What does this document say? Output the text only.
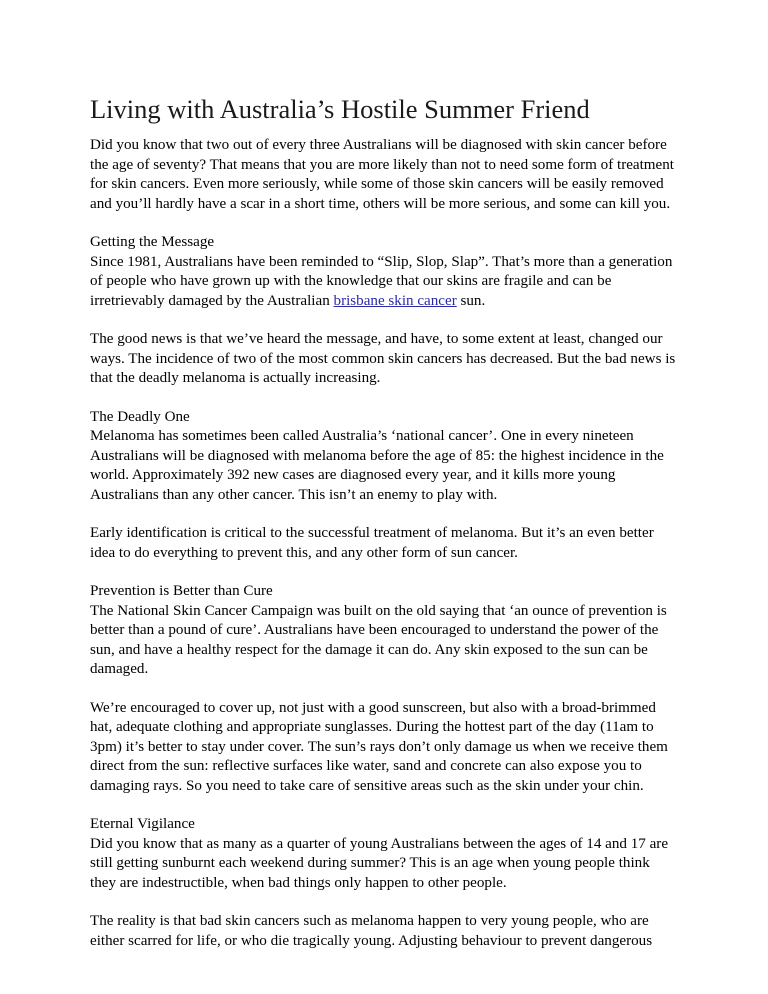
Living with Australia’s Hostile Summer Friend

Did you know that two out of every three Australians will be diagnosed with skin cancer before
the age of seventy? That means that you are more likely than not to need some form of treatment
for skin cancers. Even more seriously, while some of those skin cancers will be easily removed
and you’ll hardly have a scar in a short time, others will be more serious, and some can kill you.

Getting the Message
Since 1981, Australians have been reminded to “Slip, Slop, Slap”. That’s more than a generation
of people who have grown up with the knowledge that our skins are fragile and can be
irretrievably damaged by the Australian brisbane skin cancer sun.

The good news is that we’ve heard the message, and have, to some extent at least, changed our
ways. The incidence of two of the most common skin cancers has decreased. But the bad news is
that the deadly melanoma is actually increasing.

The Deadly One
Melanoma has sometimes been called Australia’s ‘national cancer’. One in every nineteen
Australians will be diagnosed with melanoma before the age of 85: the highest incidence in the
world. Approximately 392 new cases are diagnosed every year, and it kills more young
Australians than any other cancer. This isn’t an enemy to play with.

Early identification is critical to the successful treatment of melanoma. But it’s an even better
idea to do everything to prevent this, and any other form of sun cancer.

Prevention is Better than Cure
The National Skin Cancer Campaign was built on the old saying that ‘an ounce of prevention is
better than a pound of cure’. Australians have been encouraged to understand the power of the
sun, and have a healthy respect for the damage it can do. Any skin exposed to the sun can be
damaged.

We’re encouraged to cover up, not just with a good sunscreen, but also with a broad-brimmed
hat, adequate clothing and appropriate sunglasses. During the hottest part of the day (11am to
3pm) it’s better to stay under cover. The sun’s rays don’t only damage us when we receive them
direct from the sun: reflective surfaces like water, sand and concrete can also expose you to
damaging rays. So you need to take care of sensitive areas such as the skin under your chin.

Eternal Vigilance
Did you know that as many as a quarter of young Australians between the ages of 14 and 17 are
still getting sunburnt each weekend during summer? This is an age when young people think
they are indestructible, when bad things only happen to other people.

The reality is that bad skin cancers such as melanoma happen to very young people, who are
either scarred for life, or who die tragically young. Adjusting behaviour to prevent dangerous
